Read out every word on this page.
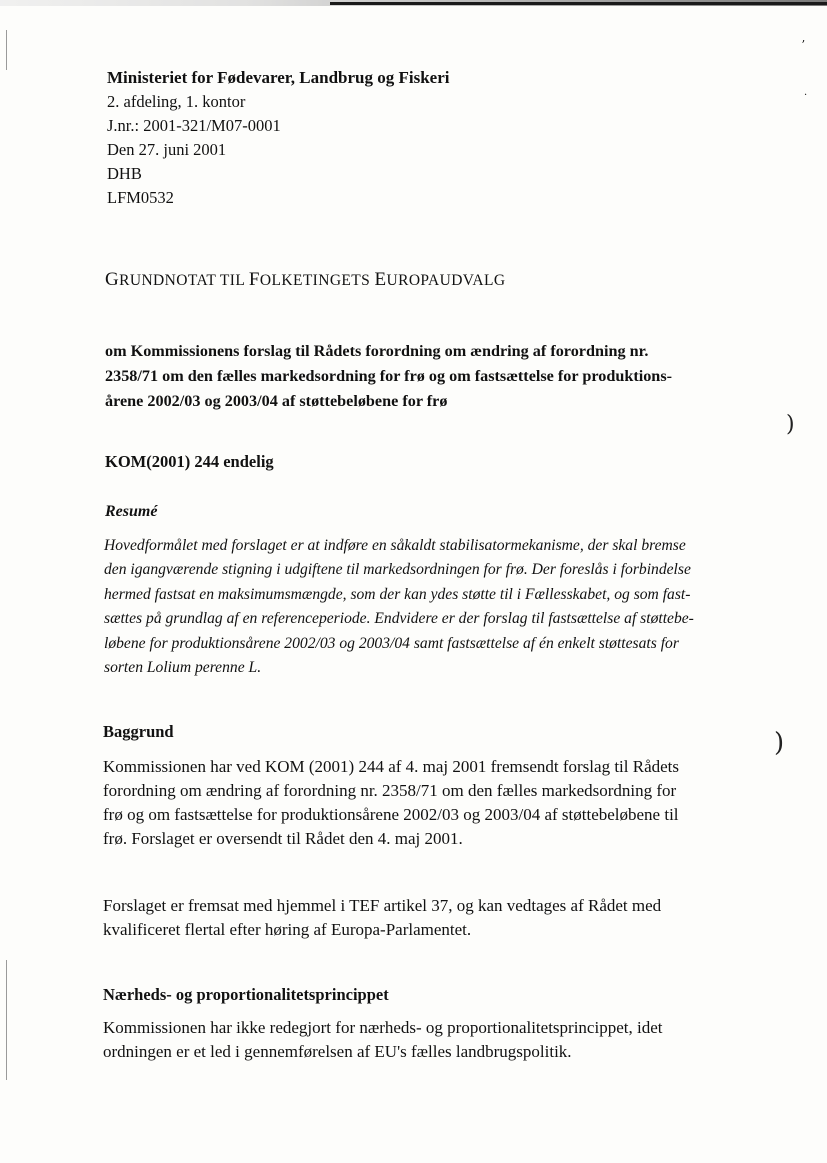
ʼ
·
)
)
Ministeriet for Fødevarer, Landbrug og Fiskeri
2. afdeling, 1. kontor
J.nr.: 2001-321/M07-0001
Den 27. juni 2001
DHB
LFM0532
GRUNDNOTAT TIL FOLKETINGETS EUROPAUDVALG
om Kommissionens forslag til Rådets forordning om ændring af forordning nr.
2358/71 om den fælles markedsordning for frø og om fastsættelse for produktions-
årene 2002/03 og 2003/04 af støttebeløbene for frø
KOM(2001) 244 endelig
Resumé
Hovedformålet med forslaget er at indføre en såkaldt stabilisatormekanisme, der skal bremse
den igangværende stigning i udgiftene til markedsordningen for frø. Der foreslås i forbindelse
hermed fastsat en maksimumsmængde, som der kan ydes støtte til i Fællesskabet, og som fast-
sættes på grundlag af en referenceperiode. Endvidere er der forslag til fastsættelse af støttebe-
løbene for produktionsårene 2002/03 og 2003/04 samt fastsættelse af én enkelt støttesats for
sorten Lolium perenne L.
Baggrund
Kommissionen har ved KOM (2001) 244 af 4. maj 2001 fremsendt forslag til Rådets
forordning om ændring af forordning nr. 2358/71 om den fælles markedsordning for
frø og om fastsættelse for produktionsårene 2002/03 og 2003/04 af støttebeløbene til
frø. Forslaget er oversendt til Rådet den 4. maj 2001.
Forslaget er fremsat med hjemmel i TEF artikel 37, og kan vedtages af Rådet med
kvalificeret flertal efter høring af Europa-Parlamentet.
Nærheds- og proportionalitetsprincippet
Kommissionen har ikke redegjort for nærheds- og proportionalitetsprincippet, idet
ordningen er et led i gennemførelsen af EU's fælles landbrugspolitik.
